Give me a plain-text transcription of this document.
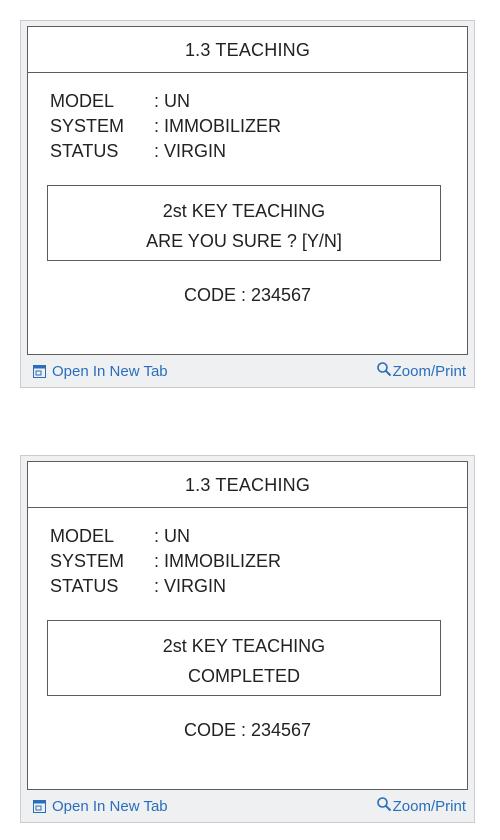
1.3 TEACHING
MODEL	: UN
SYSTEM	: IMMOBILIZER
STATUS	: VIRGIN
2st KEY TEACHING
ARE YOU SURE ? [Y/N]
CODE : 234567
Open In New Tab	Zoom/Print
1.3 TEACHING
MODEL	: UN
SYSTEM	: IMMOBILIZER
STATUS	: VIRGIN
2st KEY TEACHING
COMPLETED
CODE : 234567
Open In New Tab	Zoom/Print
